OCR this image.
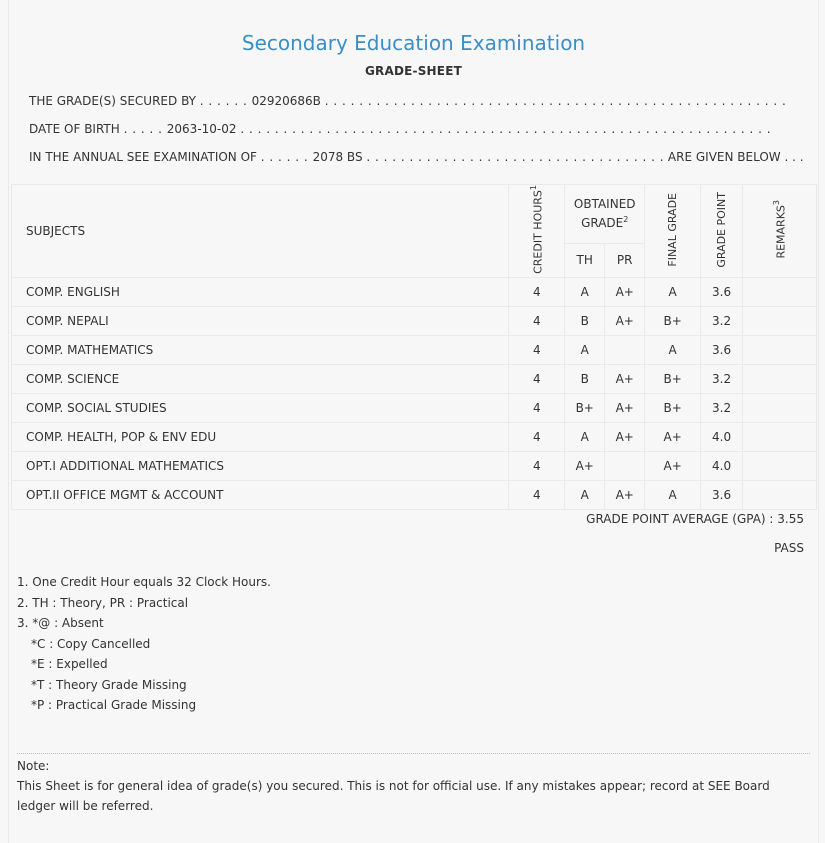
Secondary Education Examination
GRADE-SHEET
THE GRADE(S) SECURED BY . . . . . . 02920686B . . . . . . . . . . . . . . . . . . . . . . . . . . . . . . . . . . . . . . . . . . . . . . . . . . . . . .
DATE OF BIRTH . . . . . 2063-10-02 . . . . . . . . . . . . . . . . . . . . . . . . . . . . . . . . . . . . . . . . . . . . . . . . . . . . . . . . . . . . . .
IN THE ANNUAL SEE EXAMINATION OF . . . . . . 2078 BS . . . . . . . . . . . . . . . . . . . . . . . . . . . . . . . . . . . ARE GIVEN BELOW . . .
SUBJECTS	CREDIT HOURS$^1$	OBTAINED GRADE$^2$		FINAL GRADE	GRADE POINT	REMARKS$^3$
		TH	PR			
COMP. ENGLISH	4	A	A+	A	3.6	
COMP. NEPALI	4	B	A+	B+	3.2	
COMP. MATHEMATICS	4	A		A	3.6	
COMP. SCIENCE	4	B	A+	B+	3.2	
COMP. SOCIAL STUDIES	4	B+	A+	B+	3.2	
COMP. HEALTH, POP & ENV EDU	4	A	A+	A+	4.0	
OPT.I ADDITIONAL MATHEMATICS	4	A+		A+	4.0	
OPT.II OFFICE MGMT & ACCOUNT	4	A	A+	A	3.6	
GRADE POINT AVERAGE (GPA) : 3.55
PASS
1. One Credit Hour equals 32 Clock Hours.
2. TH : Theory, PR : Practical
3. *@ : Absent
*C : Copy Cancelled
*E : Expelled
*T : Theory Grade Missing
*P : Practical Grade Missing
Note:
This Sheet is for general idea of grade(s) you secured. This is not for official use. If any mistakes appear; record at SEE Board ledger will be referred.
